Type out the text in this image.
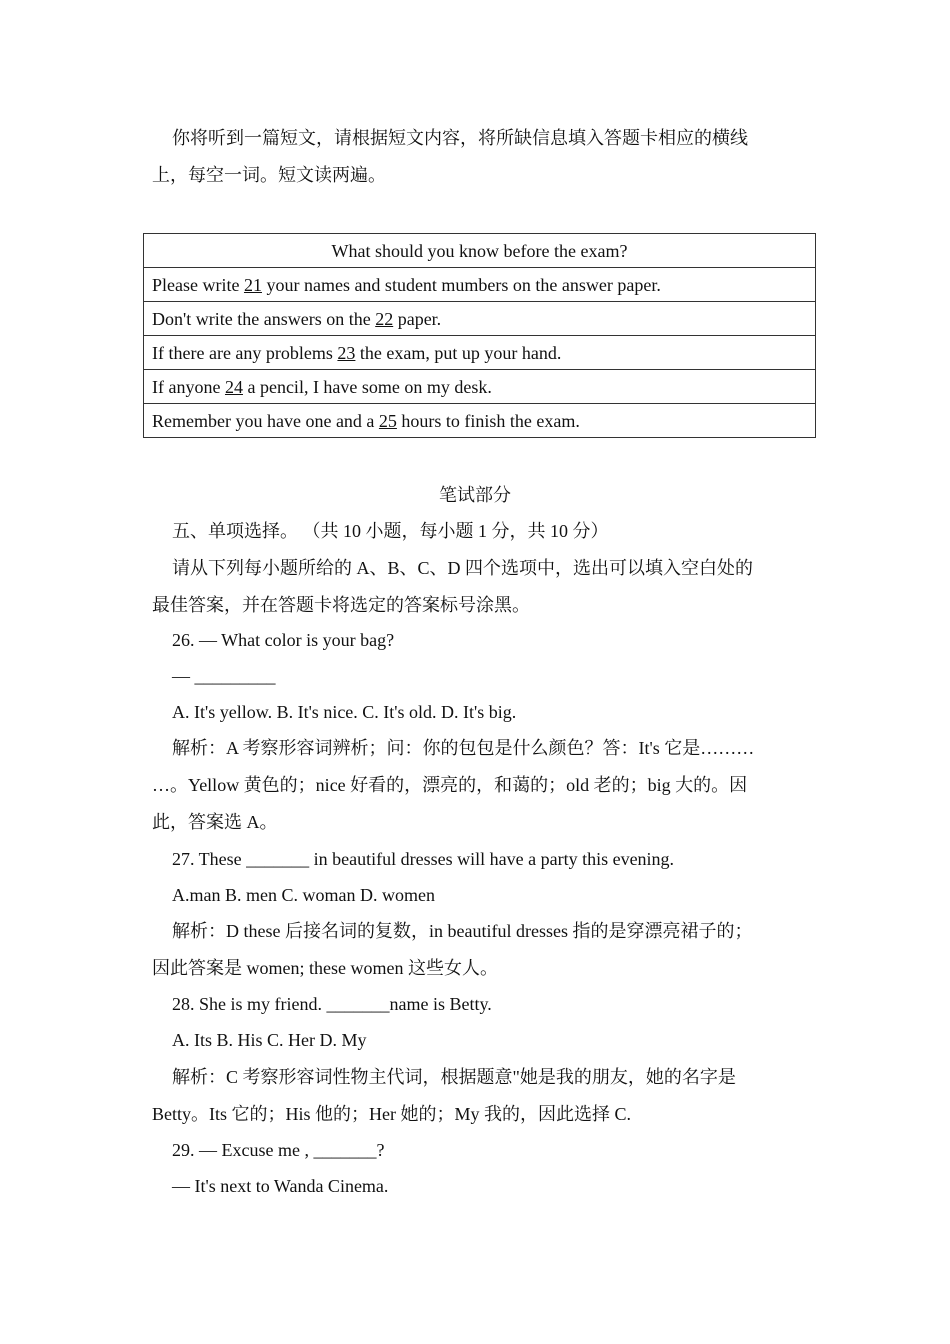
你将听到一篇短文，请根据短文内容，将所缺信息填入答题卡相应的横线
上，每空一词。短文读两遍。
What should you know before the exam?
Please write 21 your names and student mumbers on the answer paper.
Don't write the answers on the 22 paper.
If there are any problems 23 the exam, put up your hand.
If anyone 24 a pencil, I have some on my desk.
Remember you have one and a 25 hours to finish the exam.
笔试部分
五、单项选择。 （共 10 小题，每小题 1 分，共 10 分）
请从下列每小题所给的 A、B、C、D 四个选项中，选出可以填入空白处的
最佳答案，并在答题卡将选定的答案标号涂黑。
26. — What color is your bag?
— _________
A. It's yellow. B. It's nice. C. It's old. D. It's big.
解析：A 考察形容词辨析；问：你的包包是什么颜色？答：It's 它是………
…。Yellow 黄色的；nice 好看的，漂亮的，和蔼的；old 老的；big 大的。因
此，答案选 A。
27. These _______ in beautiful dresses will have a party this evening.
A.man B. men C. woman D. women
解析：D these 后接名词的复数，in beautiful dresses 指的是穿漂亮裙子的；
因此答案是 women; these women 这些女人。
28. She is my friend. _______name is Betty.
A. Its B. His C. Her D. My
解析：C 考察形容词性物主代词，根据题意"她是我的朋友，她的名字是
Betty。Its 它的；His 他的；Her 她的；My 我的，因此选择 C.
29. — Excuse me , _______?
— It's next to Wanda Cinema.
